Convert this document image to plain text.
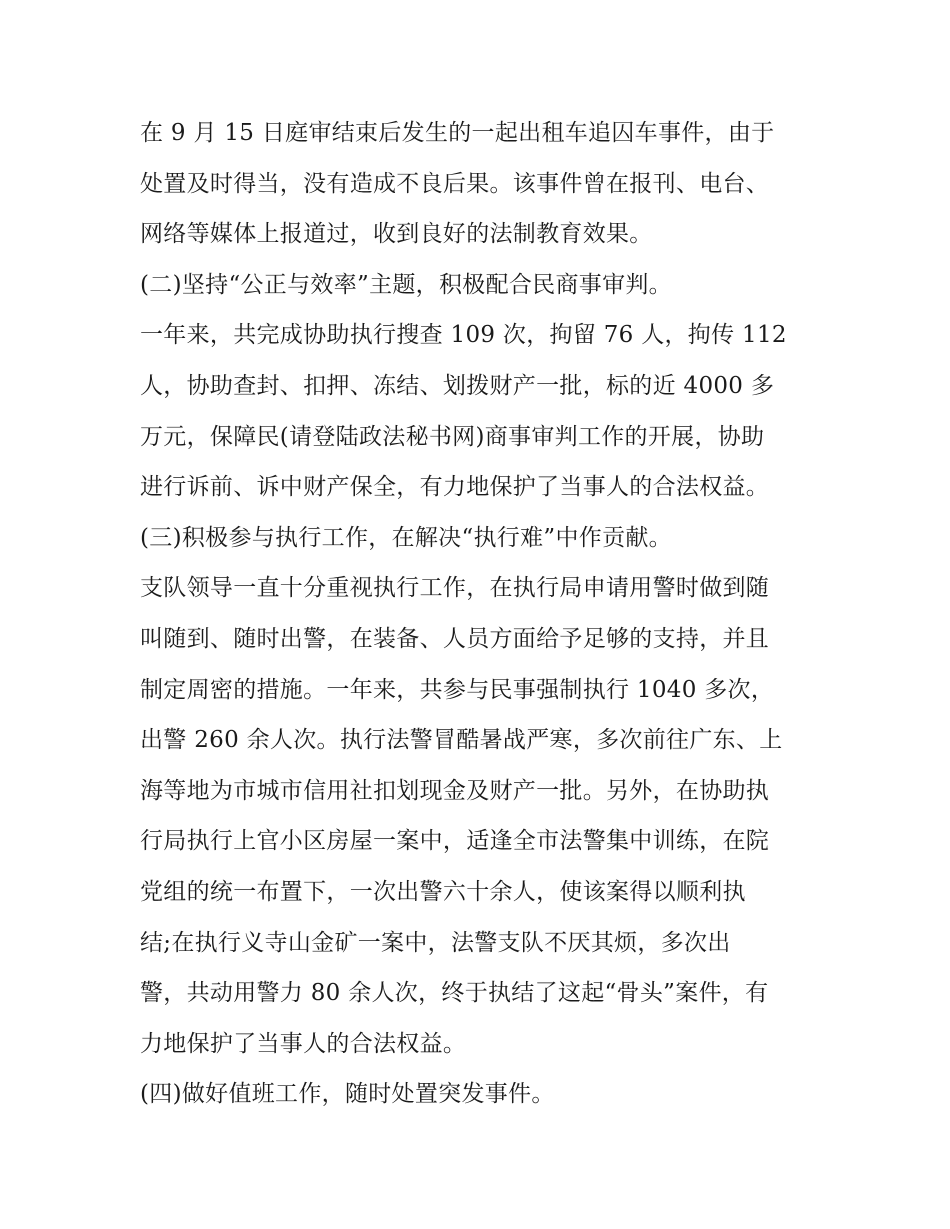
在 9 月 15 日庭审结束后发生的一起出租车追囚车事件，由于
处置及时得当，没有造成不良后果。该事件曾在报刊、电台、
网络等媒体上报道过，收到良好的法制教育效果。
(二)坚持“公正与效率”主题，积极配合民商事审判。
一年来，共完成协助执行搜查 109 次，拘留 76 人，拘传 112
人，协助查封、扣押、冻结、划拨财产一批，标的近 4000 多
万元，保障民(请登陆政法秘书网)商事审判工作的开展，协助
进行诉前、诉中财产保全，有力地保护了当事人的合法权益。
(三)积极参与执行工作，在解决“执行难”中作贡献。
支队领导一直十分重视执行工作，在执行局申请用警时做到随
叫随到、随时出警，在装备、人员方面给予足够的支持，并且
制定周密的措施。一年来，共参与民事强制执行 1040 多次，
出警 260 余人次。执行法警冒酷暑战严寒，多次前往广东、上
海等地为市城市信用社扣划现金及财产一批。另外，在协助执
行局执行上官小区房屋一案中，适逢全市法警集中训练，在院
党组的统一布置下，一次出警六十余人，使该案得以顺利执
结;在执行义寺山金矿一案中，法警支队不厌其烦，多次出
警，共动用警力 80 余人次，终于执结了这起“骨头”案件，有
力地保护了当事人的合法权益。
(四)做好值班工作，随时处置突发事件。
